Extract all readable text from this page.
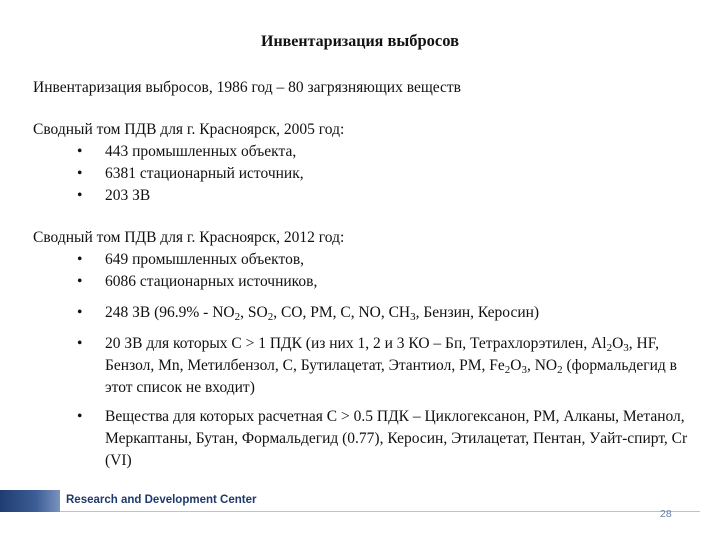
Инвентаризация выбросов

Инвентаризация выбросов, 1986 год – 80 загрязняющих веществ

Сводный том ПДВ для г. Красноярск, 2005 год:

• 443 промышленных объекта,
• 6381 стационарный источник,
• 203 ЗВ

Сводный том ПДВ для г. Красноярск, 2012 год:

• 649 промышленных объектов,
• 6086 стационарных источников,
• 248 ЗВ ($96.9\% - NO_2$, $SO_2$, CO, PM, C, NO, $CH_3$, Бензин, Керосин)
• 20 ЗВ для которых С > 1 ПДК (из них 1, 2 и 3 КО – Бп, Тетрахлорэтилен, $Al_2O_3$, HF, Бензол, Mn, Метилбензол, С, Бутилацетат, Этантиол, PM, $Fe_2O_3$, $NO_2$ (формальдегид в этот список не входит)
• Вещества для которых расчетная С > 0.5 ПДК – Циклогексанон, РМ, Алканы, Метанол, Меркаптаны, Бутан, Формальдегид (0.77), Керосин, Этилацетат, Пентан, Уайт-спирт, Cr (VI)
Research and Development Center
28
